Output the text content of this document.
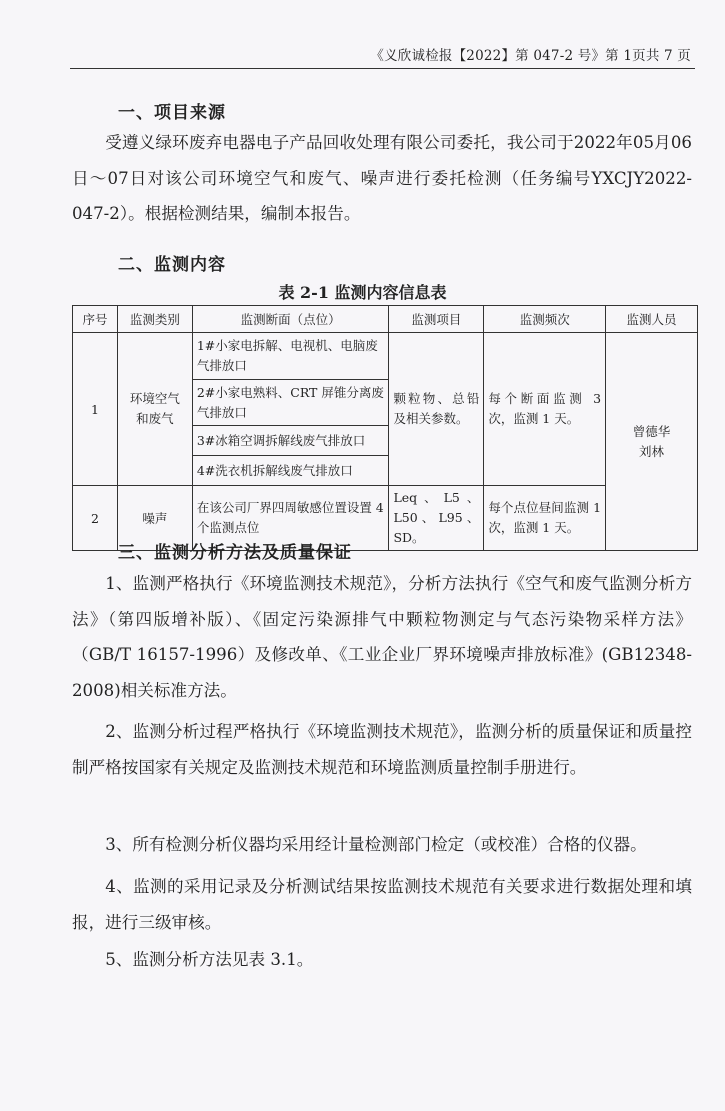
《义欣诚检报【2022】第 047-2 号》第 1页共 7 页
一、项目来源
受遵义绿环废弃电器电子产品回收处理有限公司委托，我公司于2022年05月06日～07日对该公司环境空气和废气、噪声进行委托检测（任务编号YXCJY2022-047-2）。根据检测结果，编制本报告。
二、监测内容
表 2-1 监测内容信息表
序号	监测类别	监测断面（点位）	监测项目	监测频次	监测人员
1	环境空气和废气	1#小家电拆解、电视机、电脑废气排放口	颗粒物、总铅及相关参数。	每个断面监测 3 次，监测 1 天。	曾德华
刘林
		2#小家电熟料、CRT 屏锥分离废气排放口			
		3#冰箱空调拆解线废气排放口			
		4#洗衣机拆解线废气排放口			
2	噪声	在该公司厂界四周敏感位置设置 4 个监测点位	Leq、L5、L50、L95、SD。	每个点位昼间监测 1 次，监测 1 天。	
三、监测分析方法及质量保证
1、监测严格执行《环境监测技术规范》，分析方法执行《空气和废气监测分析方法》（第四版增补版）、《固定污染源排气中颗粒物测定与气态污染物采样方法》（GB/T 16157-1996）及修改单、《工业企业厂界环境噪声排放标准》(GB12348-2008)相关标准方法。
2、监测分析过程严格执行《环境监测技术规范》，监测分析的质量保证和质量控制严格按国家有关规定及监测技术规范和环境监测质量控制手册进行。
3、所有检测分析仪器均采用经计量检测部门检定（或校准）合格的仪器。
4、监测的采用记录及分析测试结果按监测技术规范有关要求进行数据处理和填报，进行三级审核。
5、监测分析方法见表 3.1。
